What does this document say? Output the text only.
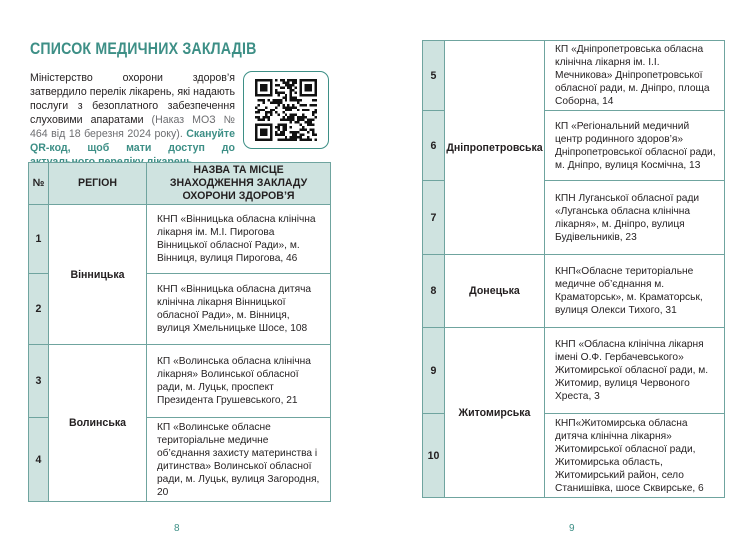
СПИСОК МЕДИЧНИХ ЗАКЛАДІВ
Міністерство охорони здоров’я затвердило перелік лікарень, які надають послуги з безоплатного забезпечення слуховими апаратами (Наказ МОЗ № 464 від 18 березня 2024 року). Скануйте QR-код, щоб мати доступ до
№	РЕГІОН	НАЗВА ТА МІСЦЕ ЗНАХОДЖЕННЯ ЗАКЛАДУ ОХОРОНИ ЗДОРОВ’Я
1	Вінницька	КНП «Вінницька обласна клінічна лікарня ім. М.І. Пирогова Вінницької обласної Ради», м. Вінниця, вулиця Пирогова, 46
2		КНП «Вінницька обласна дитяча клінічна лікарня Вінницької обласної Ради», м. Вінниця, вулиця Хмельницьке Шосе, 108
3	Волинська	КП «Волинська обласна клінічна лікарня» Волинської обласної ради, м. Луцьк, проспект Президента Грушевського, 21
4		КП «Волинське обласне територіальне медичне об’єднання захисту материнства і дитинства» Волинської обласної ради, м. Луцьк, вулиця Загородня, 20
8
5	Дніпропетровська	КП «Дніпропетровська обласна клінічна лікарня ім. І.І. Мечникова» Дніпропетровської обласної ради, м. Дніпро, площа Соборна, 14
6		КП «Регіональний медичний центр родинного здоров’я» Дніпропетровської обласної ради, м. Дніпро, вулиця Космічна, 13
7		КПН Луганської обласної ради «Луганська обласна клінічна лікарня», м. Дніпро, вулиця Будівельників, 23
8	Донецька	КНП«Обласне територіальне медичне об’єднання м. Краматорськ», м. Краматорськ, вулиця Олекси Тихого, 31
9	Житомирська	КНП «Обласна клінічна лікарня імені О.Ф. Гербачевського» Житомирської обласної ради, м. Житомир, вулиця Червоного Хреста, 3
10		КНП«Житомирська обласна дитяча клінічна лікарня» Житомирської обласної ради, Житомирська область, Житомирський район, село Станишівка, шосе Сквирське, 6
9
